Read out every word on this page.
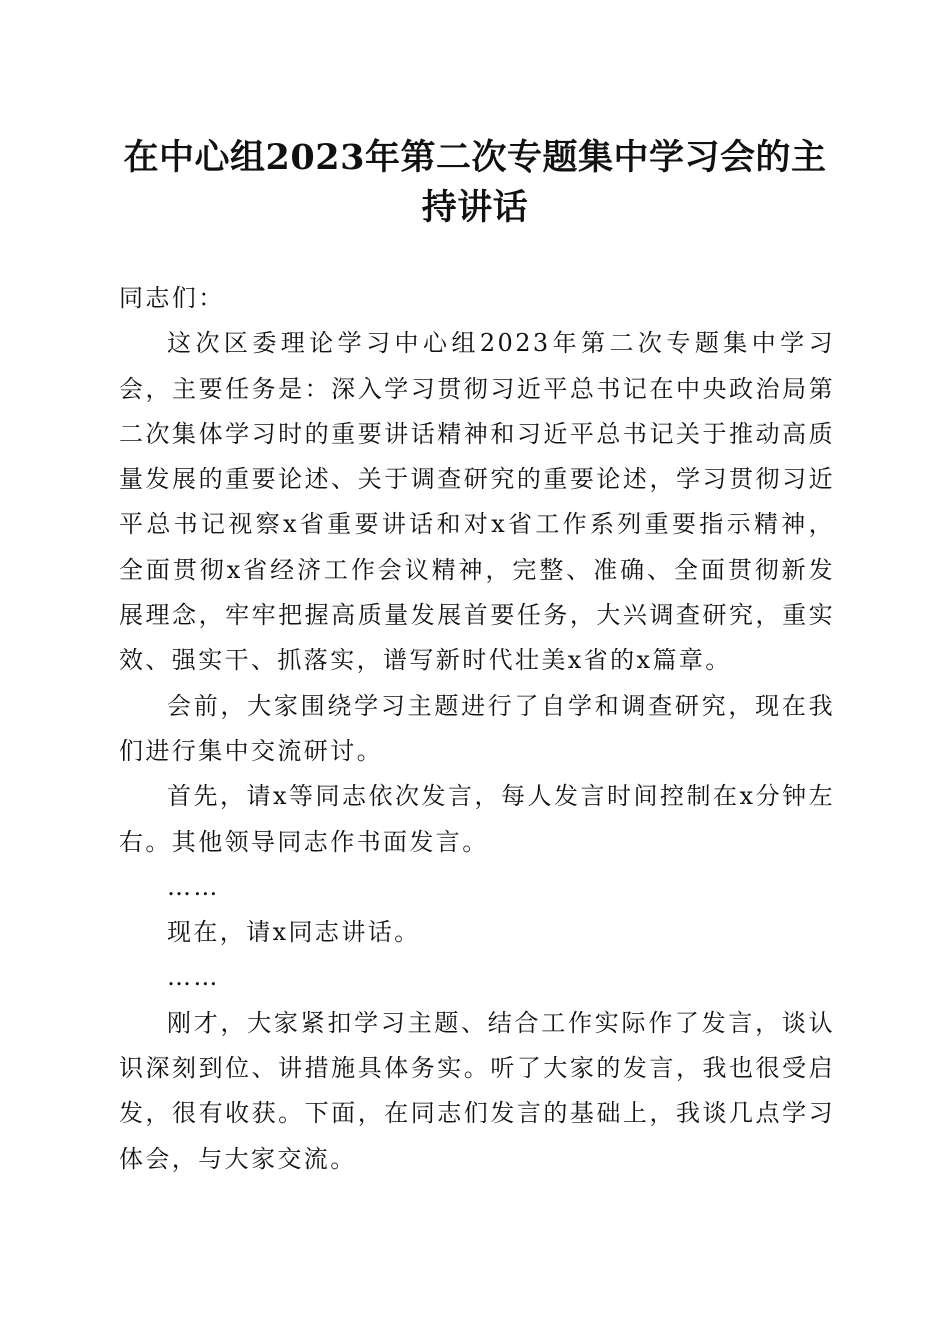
在中心组2023年第二次专题集中学习会的主持讲话

同志们：

这次区委理论学习中心组2023年第二次专题集中学习会，主要任务是：深入学习贯彻习近平总书记在中央政治局第二次集体学习时的重要讲话精神和习近平总书记关于推动高质量发展的重要论述、关于调查研究的重要论述，学习贯彻习近平总书记视察x省重要讲话和对x省工作系列重要指示精神，全面贯彻x省经济工作会议精神，完整、准确、全面贯彻新发展理念，牢牢把握高质量发展首要任务，大兴调查研究，重实效、强实干、抓落实，谱写新时代壮美x省的x篇章。

会前，大家围绕学习主题进行了自学和调查研究，现在我们进行集中交流研讨。

首先，请x等同志依次发言，每人发言时间控制在x分钟左右。其他领导同志作书面发言。

……

现在，请x同志讲话。

……

刚才，大家紧扣学习主题、结合工作实际作了发言，谈认识深刻到位、讲措施具体务实。听了大家的发言，我也很受启发，很有收获。下面，在同志们发言的基础上，我谈几点学习体会，与大家交流。
